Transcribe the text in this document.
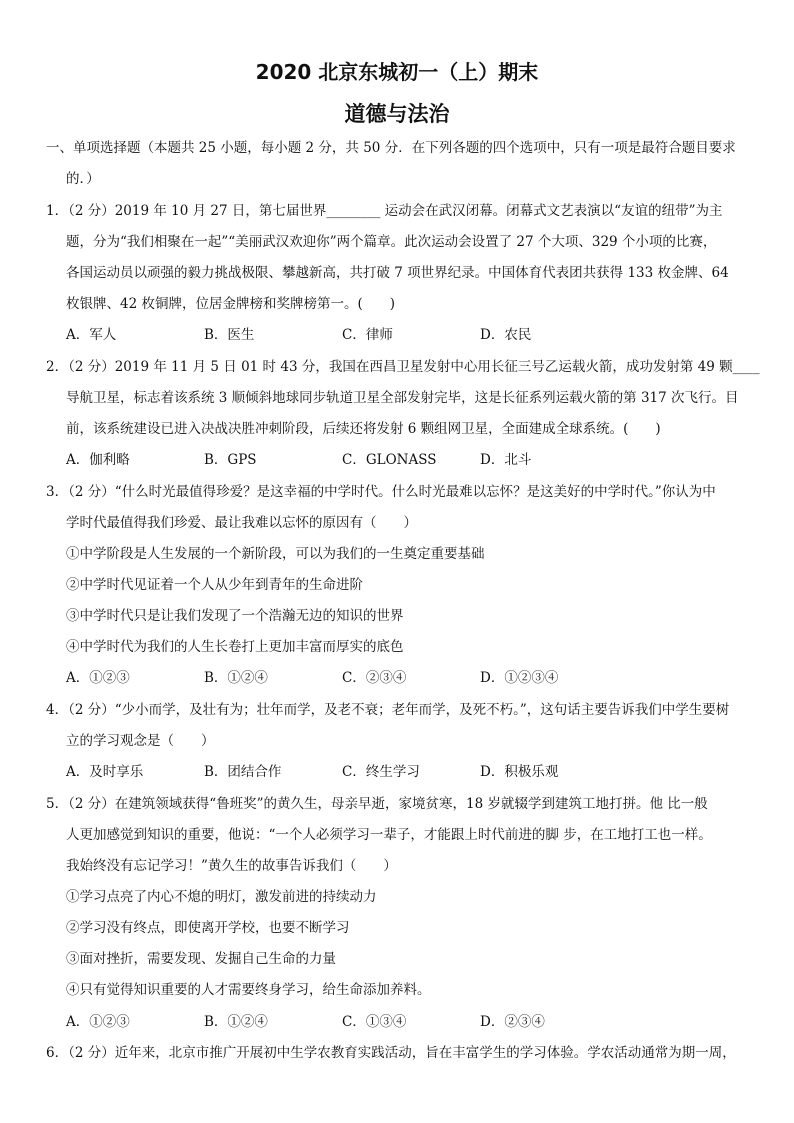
2020 北京东城初一（上）期末
道德与法治
一、单项选择题（本题共 25 小题，每小题 2 分，共 50 分．在下列各题的四个选项中，只有一项是最符合题目要求
的．）
1．（2 分）2019 年 10 月 27 日，第七届世界________ 运动会在武汉闭幕。闭幕式文艺表演以“友谊的纽带”为主
题，分为“我们相聚在一起”“美丽武汉欢迎你”两个篇章。此次运动会设置了 27 个大项、329 个小项的比赛，
各国运动员以顽强的毅力挑战极限、攀越新高，共打破 7 项世界纪录。中国体育代表团共获得 133 枚金牌、64
枚银牌、42 枚铜牌，位居金牌榜和奖牌榜第一。(　　)
A．军人	B．医生	C．律师	D．农民
2．（2 分）2019 年 11 月 5 日 01 时 43 分，我国在西昌卫星发射中心用长征三号乙运载火箭，成功发射第 49 颗____
导航卫星，标志着该系统 3 顺倾斜地球同步轨道卫星全部发射完毕，这是长征系列运载火箭的第 317 次飞行。目
前，该系统建设已进入决战决胜冲刺阶段，后续还将发射 6 颗组网卫星，全面建成全球系统。(　　)
A．伽利略	B．GPS	C．GLONASS	D．北斗
3．（2 分）“什么时光最值得珍爱？是这幸福的中学时代。什么时光最难以忘怀？是这美好的中学时代。”你认为中
学时代最值得我们珍爱、最让我难以忘怀的原因有（　　）
①中学阶段是人生发展的一个新阶段，可以为我们的一生奠定重要基础
②中学时代见证着一个人从少年到青年的生命进阶
③中学时代只是让我们发现了一个浩瀚无边的知识的世界
④中学时代为我们的人生长卷打上更加丰富而厚实的底色
A．①②③	B．①②④	C．②③④	D．①②③④
4．（2 分）“少小而学，及壮有为；壮年而学，及老不衰；老年而学，及死不朽。”，这句话主要告诉我们中学生要树
立的学习观念是（　　）
A．及时享乐	B．团结合作	C．终生学习	D．积极乐观
5．（2 分）在建筑领域获得“鲁班奖”的黄久生，母亲早逝，家境贫寒，18 岁就辍学到建筑工地打拼。他 比一般
人更加感觉到知识的重要，他说：“一个人必须学习一辈子，才能跟上时代前进的脚 步，在工地打工也一样。
我始终没有忘记学习！”黄久生的故事告诉我们（　　）
①学习点亮了内心不熄的明灯，激发前进的持续动力
②学习没有终点，即使离开学校，也要不断学习
③面对挫折，需要发现、发掘自己生命的力量
④只有觉得知识重要的人才需要终身学习，给生命添加养料。
A．①②③	B．①②④	C．①③④	D．②③④
6．（2 分）近年来，北京市推广开展初中生学农教育实践活动，旨在丰富学生的学习体验。学农活动通常为期一周，
